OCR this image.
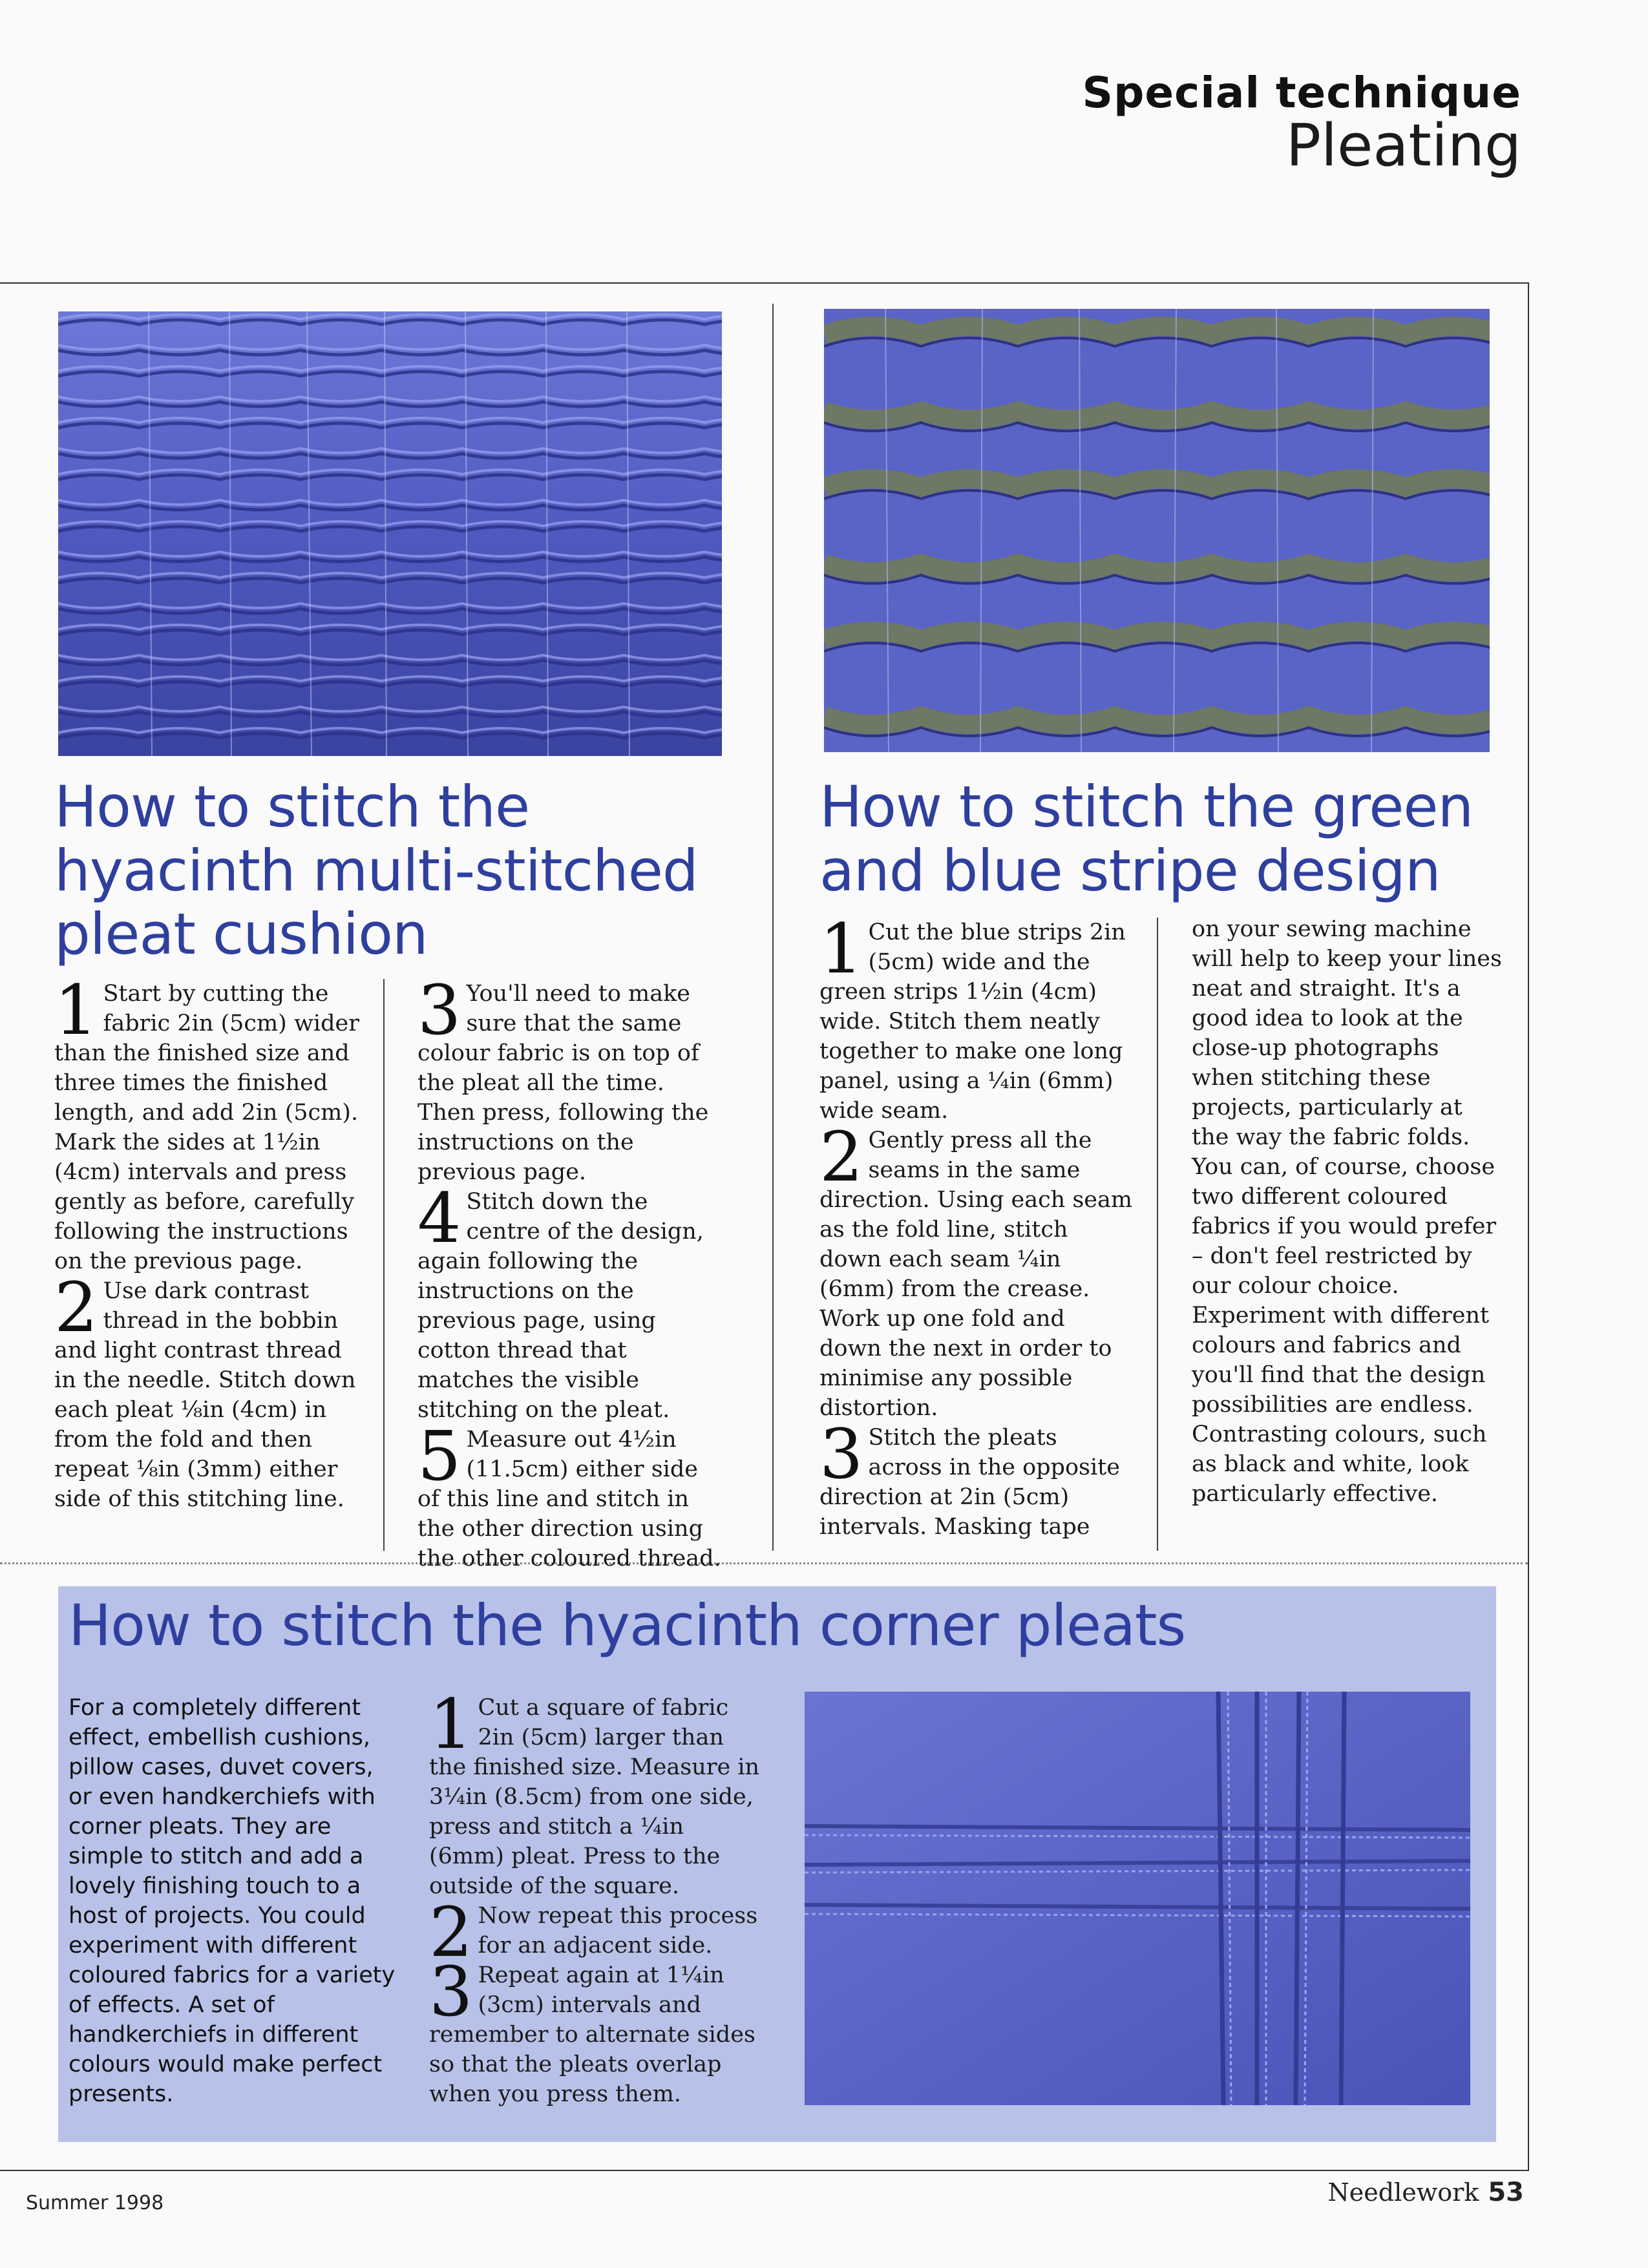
Special technique
Pleating
How to stitch the
hyacinth multi-stitched
pleat cushion

1 Start by cutting the fabric 2in (5cm) wider than the finished size and three times the finished length, and add 2in (5cm). Mark the sides at 1½in (4cm) intervals and press gently as before, carefully following the instructions on the previous page.

2 Use dark contrast thread in the bobbin and light contrast thread in the needle. Stitch down each pleat ⅛in (4cm) in from the fold and then repeat ⅛in (3mm) either side of this stitching line.

3 You'll need to make sure that the same colour fabric is on top of the pleat all the time. Then press, following the instructions on the previous page.

4 Stitch down the centre of the design, again following the instructions on the previous page, using cotton thread that matches the visible stitching on the pleat.

5 Measure out 4½in (11.5cm) either side of this line and stitch in the other direction using the other coloured thread.

How to stitch the green
and blue stripe design

1 Cut the blue strips 2in (5cm) wide and the green strips 1½in (4cm) wide. Stitch them neatly together to make one long panel, using a ¼in (6mm) wide seam.

2 Gently press all the seams in the same direction. Using each seam as the fold line, stitch down each seam ¼in (6mm) from the crease. Work up one fold and down the next in order to minimise any possible distortion.

3 Stitch the pleats across in the opposite direction at 2in (5cm) intervals. Masking tape

on your sewing machine will help to keep your lines neat and straight. It's a good idea to look at the close-up photographs when stitching these projects, particularly at the way the fabric folds. You can, of course, choose two different coloured fabrics if you would prefer – don't feel restricted by our colour choice. Experiment with different colours and fabrics and you'll find that the design possibilities are endless. Contrasting colours, such as black and white, look particularly effective.

How to stitch the hyacinth corner pleats
For a completely different effect, embellish cushions, pillow cases, duvet covers, or even handkerchiefs with corner pleats. They are simple to stitch and add a lovely finishing touch to a host of projects. You could experiment with different coloured fabrics for a variety of effects. A set of handkerchiefs in different colours would make perfect presents.

1 Cut a square of fabric 2in (5cm) larger than the finished size. Measure in 3¼in (8.5cm) from one side, press and stitch a ¼in (6mm) pleat. Press to the outside of the square.

2 Now repeat this process for an adjacent side.

3 Repeat again at 1¼in (3cm) intervals and remember to alternate sides so that the pleats overlap when you press them.

Summer 1998	Needlework 53
